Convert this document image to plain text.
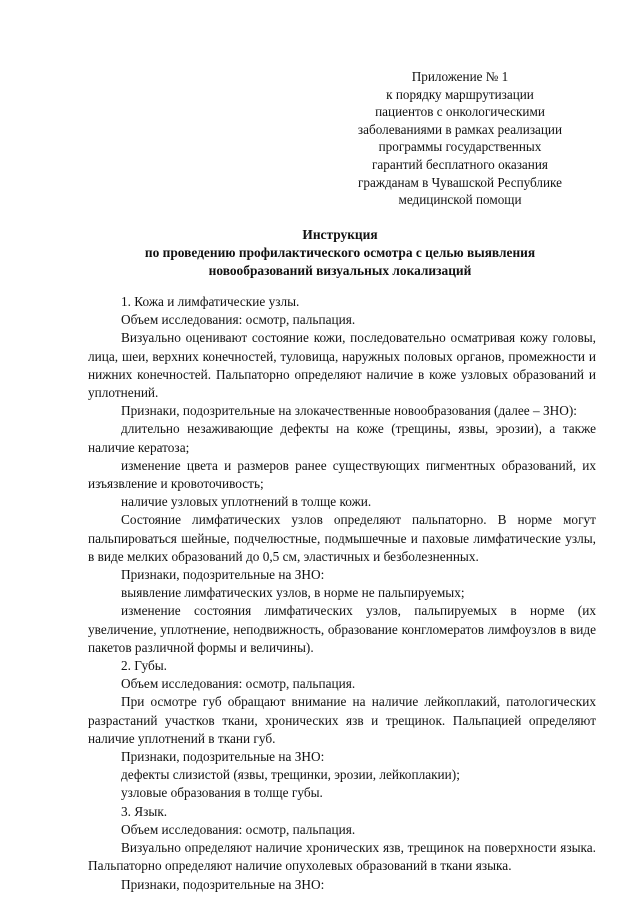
Приложение № 1
к порядку маршрутизации
пациентов с онкологическими
заболеваниями в рамках реализации
программы государственных
гарантий бесплатного оказания
гражданам в Чувашской Республике
медицинской помощи
Инструкция
по проведению профилактического осмотра с целью выявления
новообразований визуальных локализаций

1. Кожа и лимфатические узлы.

Объем исследования: осмотр, пальпация.

Визуально оценивают состояние кожи, последовательно осматривая кожу головы, лица, шеи, верхних конечностей, туловища, наружных половых органов, промежности и нижних конечностей. Пальпаторно определяют наличие в коже узловых образований и уплотнений.

Признаки, подозрительные на злокачественные новообразования (далее – ЗНО):

длительно незаживающие дефекты на коже (трещины, язвы, эрозии), а также наличие кератоза;

изменение цвета и размеров ранее существующих пигментных образований, их изъязвление и кровоточивость;

наличие узловых уплотнений в толще кожи.

Состояние лимфатических узлов определяют пальпаторно. В норме могут пальпироваться шейные, подчелюстные, подмышечные и паховые лимфатические узлы, в виде мелких образований до 0,5 см, эластичных и безболезненных.

Признаки, подозрительные на ЗНО:

выявление лимфатических узлов, в норме не пальпируемых;

изменение состояния лимфатических узлов, пальпируемых в норме (их увеличение, уплотнение, неподвижность, образование конгломератов лимфоузлов в виде пакетов различной формы и величины).

2. Губы.

Объем исследования: осмотр, пальпация.

При осмотре губ обращают внимание на наличие лейкоплакий, патологических разрастаний участков ткани, хронических язв и трещинок. Пальпацией определяют наличие уплотнений в ткани губ.

Признаки, подозрительные на ЗНО:

дефекты слизистой (язвы, трещинки, эрозии, лейкоплакии);

узловые образования в толще губы.

3. Язык.

Объем исследования: осмотр, пальпация.

Визуально определяют наличие хронических язв, трещинок на поверхности языка. Пальпаторно определяют наличие опухолевых образований в ткани языка.

Признаки, подозрительные на ЗНО:
